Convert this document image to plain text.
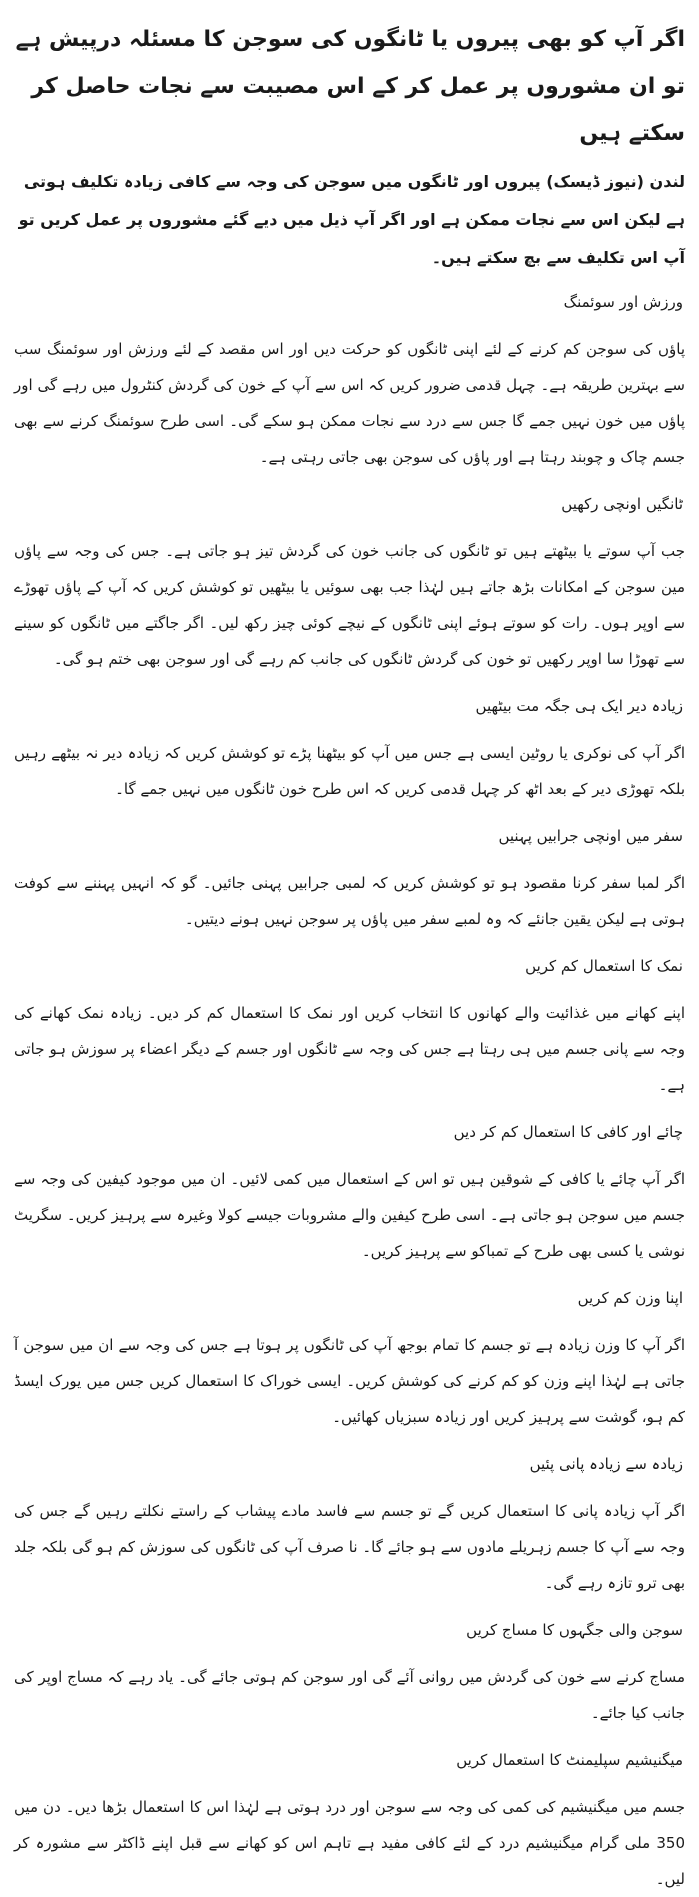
اگر آپ کو بھی پیروں یا ٹانگوں کی سوجن کا مسئلہ درپیش ہے تو ان مشوروں پر عمل کر کے اس مصیبت سے نجات حاصل کر سکتے ہیں

لندن (نیوز ڈیسک) پیروں اور ٹانگوں میں سوجن کی وجہ سے کافی زیادہ تکلیف ہوتی ہے لیکن اس سے نجات ممکن ہے اور اگر آپ ذیل میں دیے گئے مشوروں پر عمل کریں تو آپ اس تکلیف سے بچ سکتے ہیں۔

ورزش اور سوئمنگ

پاؤں کی سوجن کم کرنے کے لئے اپنی ٹانگوں کو حرکت دیں اور اس مقصد کے لئے ورزش اور سوئمنگ سب سے بہترین طریقہ ہے۔ چہل قدمی ضرور کریں کہ اس سے آپ کے خون کی گردش کنٹرول میں رہے گی اور پاؤں میں خون نہیں جمے گا جس سے درد سے نجات ممکن ہو سکے گی۔ اسی طرح سوئمنگ کرنے سے بھی جسم چاک و چوبند رہتا ہے اور پاؤں کی سوجن بھی جاتی رہتی ہے۔

ٹانگیں اونچی رکھیں

جب آپ سوتے یا بیٹھتے ہیں تو ٹانگوں کی جانب خون کی گردش تیز ہو جاتی ہے۔ جس کی وجہ سے پاؤں مین سوجن کے امکانات بڑھ جاتے ہیں لہٰذا جب بھی سوئیں یا بیٹھیں تو کوشش کریں کہ آپ کے پاؤں تھوڑے سے اوپر ہوں۔ رات کو سوتے ہوئے اپنی ٹانگوں کے نیچے کوئی چیز رکھ لیں۔ اگر جاگتے میں ٹانگوں کو سینے سے تھوڑا سا اوپر رکھیں تو خون کی گردش ٹانگوں کی جانب کم رہے گی اور سوجن بھی ختم ہو گی۔

زیادہ دیر ایک ہی جگہ مت بیٹھیں

اگر آپ کی نوکری یا روٹین ایسی ہے جس میں آپ کو بیٹھنا پڑے تو کوشش کریں کہ زیادہ دیر نہ بیٹھے رہیں بلکہ تھوڑی دیر کے بعد اٹھ کر چہل قدمی کریں کہ اس طرح خون ٹانگوں میں نہیں جمے گا۔

سفر میں اونچی جرابیں پہنیں

اگر لمبا سفر کرنا مقصود ہو تو کوشش کریں کہ لمبی جرابیں پہنی جائیں۔ گو کہ انہیں پہننے سے کوفت ہوتی ہے لیکن یقین جانئے کہ وہ لمبے سفر میں پاؤں پر سوجن نہیں ہونے دیتیں۔

نمک کا استعمال کم کریں

اپنے کھانے میں غذائیت والے کھانوں کا انتخاب کریں اور نمک کا استعمال کم کر دیں۔ زیادہ نمک کھانے کی وجہ سے پانی جسم میں ہی رہتا ہے جس کی وجہ سے ٹانگوں اور جسم کے دیگر اعضاء پر سوزش ہو جاتی ہے۔

چائے اور کافی کا استعمال کم کر دیں

اگر آپ چائے یا کافی کے شوقین ہیں تو اس کے استعمال میں کمی لائیں۔ ان میں موجود کیفین کی وجہ سے جسم میں سوجن ہو جاتی ہے۔ اسی طرح کیفین والے مشروبات جیسے کولا وغیرہ سے پرہیز کریں۔ سگریٹ نوشی یا کسی بھی طرح کے تمباکو سے پرہیز کریں۔

اپنا وزن کم کریں

اگر آپ کا وزن زیادہ ہے تو جسم کا تمام بوجھ آپ کی ٹانگوں پر ہوتا ہے جس کی وجہ سے ان میں سوجن آ جاتی ہے لہٰذا اپنے وزن کو کم کرنے کی کوشش کریں۔ ایسی خوراک کا استعمال کریں جس میں یورک ایسڈ کم ہو، گوشت سے پرہیز کریں اور زیادہ سبزیاں کھائیں۔

زیادہ سے زیادہ پانی پئیں

اگر آپ زیادہ پانی کا استعمال کریں گے تو جسم سے فاسد مادے پیشاب کے راستے نکلتے رہیں گے جس کی وجہ سے آپ کا جسم زہریلے مادوں سے ہو جائے گا۔ نا صرف آپ کی ٹانگوں کی سوزش کم ہو گی بلکہ جلد بھی ترو تازہ رہے گی۔

سوجن والی جگہوں کا مساج کریں

مساج کرنے سے خون کی گردش میں روانی آئے گی اور سوجن کم ہوتی جائے گی۔ یاد رہے کہ مساج اوپر کی جانب کیا جائے۔

میگنیشیم سپلیمنٹ کا استعمال کریں

جسم میں میگنیشیم کی کمی کی وجہ سے سوجن اور درد ہوتی ہے لہٰذا اس کا استعمال بڑھا دیں۔ دن میں 350 ملی گرام میگنیشیم درد کے لئے کافی مفید ہے تاہم اس کو کھانے سے قبل اپنے ڈاکٹر سے مشورہ کر لیں۔
